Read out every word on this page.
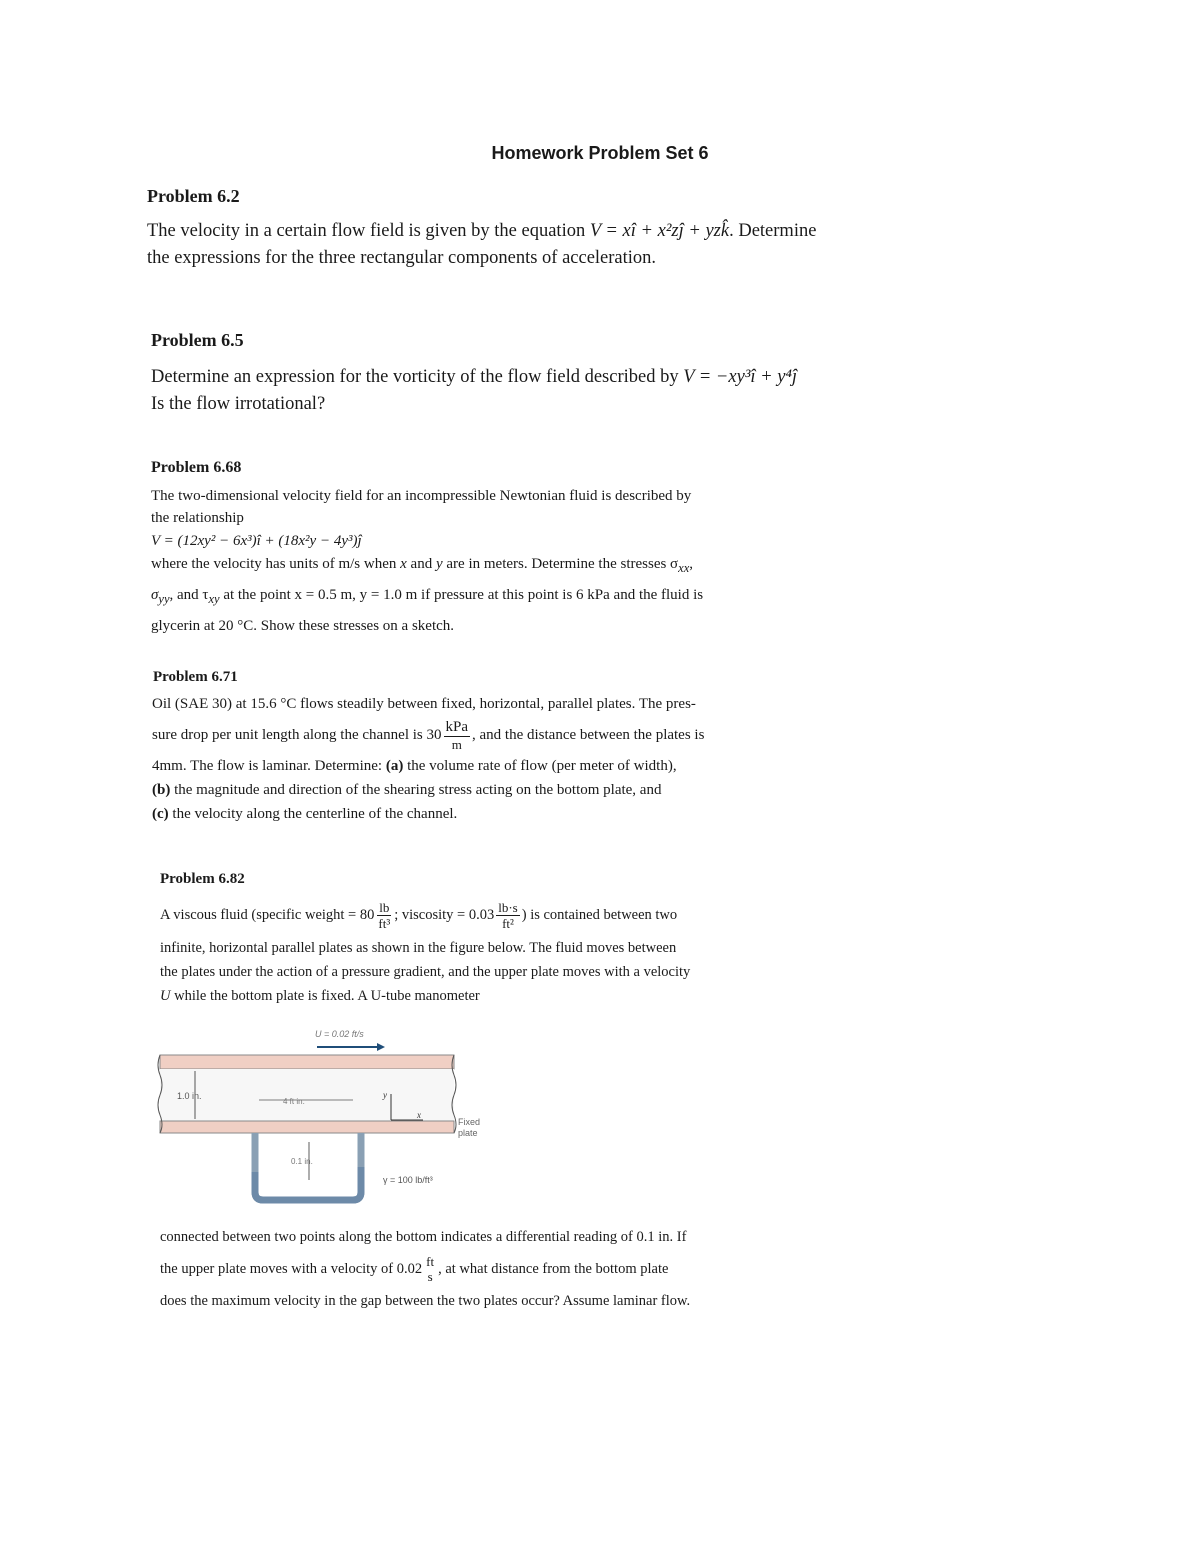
Homework Problem Set 6
Problem 6.2
The velocity in a certain flow field is given by the equation V = xî + x²zĵ + yzk̂. Determine
the expressions for the three rectangular components of acceleration.
Problem 6.5
Determine an expression for the vorticity of the flow field described by V = −xy³î + y⁴ĵ
Is the flow irrotational?
Problem 6.68
The two-dimensional velocity field for an incompressible Newtonian fluid is described by
the relationship
V = (12xy² − 6x³)î + (18x²y − 4y³)ĵ
where the velocity has units of m/s when x and y are in meters. Determine the stresses $\sigma_{xx}$,
$\sigma_{yy}$, and $\tau_{xy}$ at the point x = 0.5 m, y = 1.0 m if pressure at this point is 6 kPa and the fluid is
glycerin at 20 °C. Show these stresses on a sketch.
Problem 6.71
Oil (SAE 30) at 15.6 °C flows steadily between fixed, horizontal, parallel plates. The pres-
sure drop per unit length along the channel is $30 \frac{\text{kPa}}{m}$ , and the distance between the plates is
4mm. The flow is laminar. Determine: (a) the volume rate of flow (per meter of width),
(b) the magnitude and direction of the shearing stress acting on the bottom plate, and
(c) the velocity along the centerline of the channel.
Problem 6.82
A viscous fluid (specific weight = $80 \frac{lb}{\text{ft³}}$ ; viscosity = $0.03 \frac{lb\cdot s}{\text{ft²}}$ ) is contained between two
infinite, horizontal parallel plates as shown in the figure below. The fluid moves between
the plates under the action of a pressure gradient, and the upper plate moves with a velocity
U while the bottom plate is fixed. A U-tube manometer
U = 0.02 ft/s
1.0 in.
4 ft in.
y
x
Fixed
plate
0.1 in.
γ = 100 lb/ft³
connected between two points along the bottom indicates a differential reading of 0.1 in. If
the upper plate moves with a velocity of 0.02 ft
s , at what distance from the bottom plate
does the maximum velocity in the gap between the two plates occur? Assume laminar flow.
